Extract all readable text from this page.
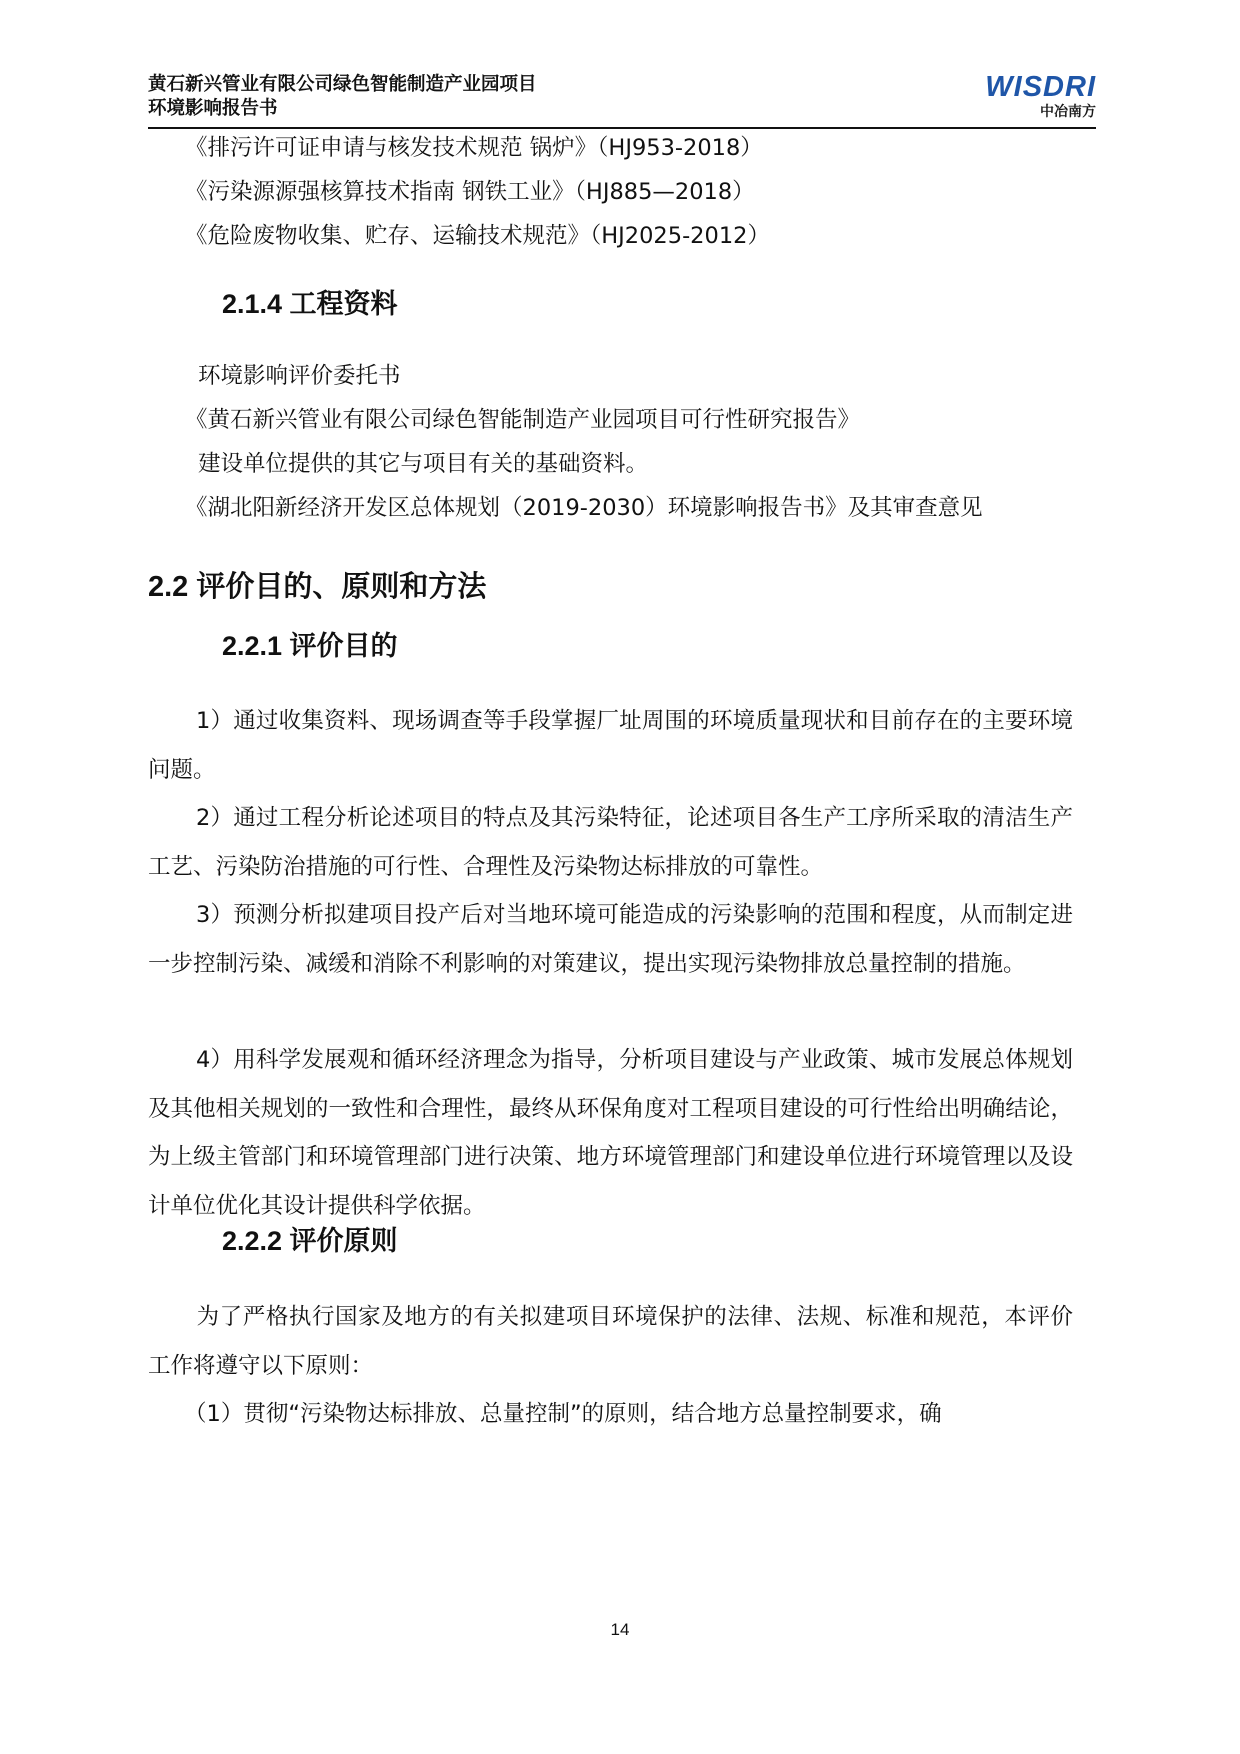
黄石新兴管业有限公司绿色智能制造产业园项目
环境影响报告书
WISDRI
中冶南方
《排污许可证申请与核发技术规范 锅炉》（HJ953-2018）
《污染源源强核算技术指南 钢铁工业》（HJ885—2018）
《危险废物收集、贮存、运输技术规范》（HJ2025-2012）
2.1.4 工程资料
环境影响评价委托书
《黄石新兴管业有限公司绿色智能制造产业园项目可行性研究报告》
建设单位提供的其它与项目有关的基础资料。
《湖北阳新经济开发区总体规划（2019-2030）环境影响报告书》及其审查意见
2.2 评价目的、原则和方法
2.2.1 评价目的
1）通过收集资料、现场调查等手段掌握厂址周围的环境质量现状和目前存在的主要环境问题。
2）通过工程分析论述项目的特点及其污染特征，论述项目各生产工序所采取的清洁生产工艺、污染防治措施的可行性、合理性及污染物达标排放的可靠性。
3）预测分析拟建项目投产后对当地环境可能造成的污染影响的范围和程度，从而制定进一步控制污染、减缓和消除不利影响的对策建议，提出实现污染物排放总量控制的措施。
4）用科学发展观和循环经济理念为指导，分析项目建设与产业政策、城市发展总体规划及其他相关规划的一致性和合理性，最终从环保角度对工程项目建设的可行性给出明确结论，为上级主管部门和环境管理部门进行决策、地方环境管理部门和建设单位进行环境管理以及设计单位优化其设计提供科学依据。
2.2.2 评价原则
为了严格执行国家及地方的有关拟建项目环境保护的法律、法规、标准和规范，本评价工作将遵守以下原则：
（1）贯彻“污染物达标排放、总量控制”的原则，结合地方总量控制要求，确
14
